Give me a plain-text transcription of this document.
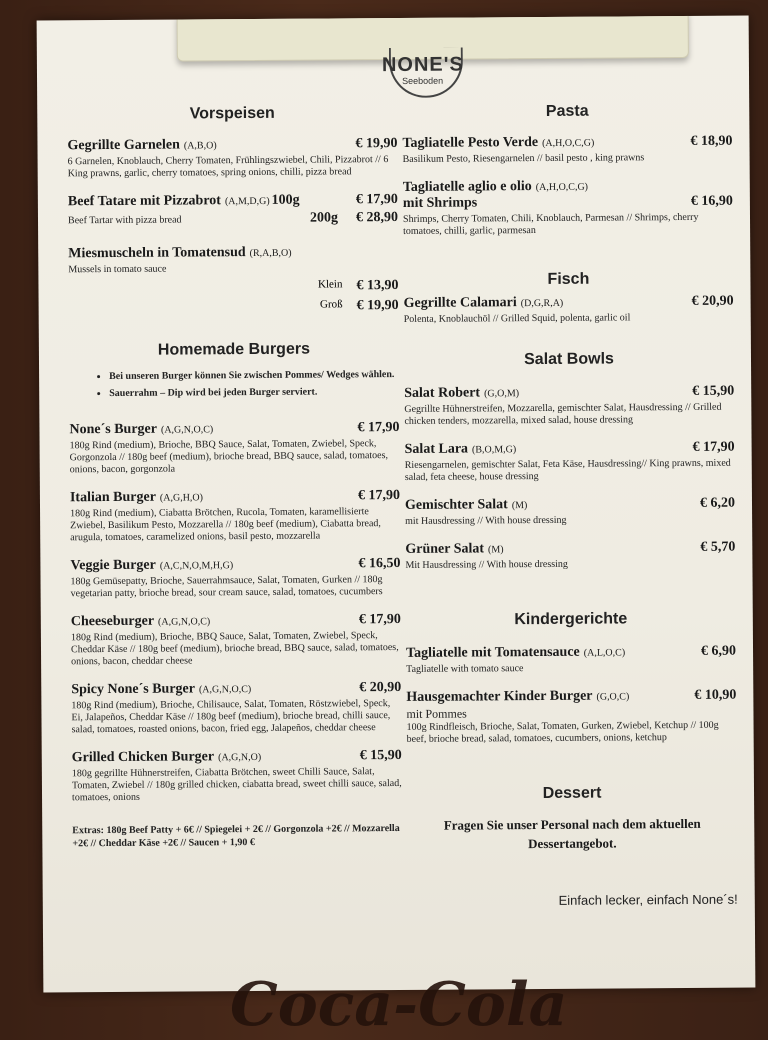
NONE'S
Seeboden
Vorspeisen
Gegrillte Garnelen (A,B,O)	€ 19,90
6 Garnelen, Knoblauch, Cherry Tomaten, Frühlingszwiebel, Chili, Pizzabrot // 6 King prawns, garlic, cherry tomatoes, spring onions, chilli, pizza bread
Beef Tatare mit Pizzabrot (A,M,D,G) 100g	€ 17,90
Beef Tartar with pizza bread	200g € 28,90
Miesmuscheln in Tomatensud (R,A,B,O)
Mussels in tomato sauce
Klein € 13,90
Groß € 19,90
Homemade Burgers
• Bei unseren Burger können Sie zwischen Pommes/ Wedges wählen.
• Sauerrahm – Dip wird bei jeden Burger serviert.
None´s Burger (A,G,N,O,C)	€ 17,90
180g Rind (medium), Brioche, BBQ Sauce, Salat, Tomaten, Zwiebel, Speck, Gorgonzola // 180g beef (medium), brioche bread, BBQ sauce, salad, tomatoes, onions, bacon, gorgonzola
Italian Burger (A,G,H,O)	€ 17,90
180g Rind (medium), Ciabatta Brötchen, Rucola, Tomaten, karamellisierte Zwiebel, Basilikum Pesto, Mozzarella // 180g beef (medium), Ciabatta bread, arugula, tomatoes, caramelized onions, basil pesto, mozzarella
Veggie Burger (A,C,N,O,M,H,G)	€ 16,50
180g Gemüsepatty, Brioche, Sauerrahmsauce, Salat, Tomaten, Gurken // 180g vegetarian patty, brioche bread, sour cream sauce, salad, tomatoes, cucumbers
Cheeseburger (A,G,N,O,C)	€ 17,90
180g Rind (medium), Brioche, BBQ Sauce, Salat, Tomaten, Zwiebel, Speck, Cheddar Käse // 180g beef (medium), brioche bread, BBQ sauce, salad, tomatoes, onions, bacon, cheddar cheese
Spicy None´s Burger (A,G,N,O,C)	€ 20,90
180g Rind (medium), Brioche, Chilisauce, Salat, Tomaten, Röstzwiebel, Speck, Ei, Jalapeños, Cheddar Käse // 180g beef (medium), brioche bread, chilli sauce, salad, tomatoes, roasted onions, bacon, fried egg, Jalapeños, cheddar cheese
Grilled Chicken Burger (A,G,N,O)	€ 15,90
180g gegrillte Hühnerstreifen, Ciabatta Brötchen, sweet Chilli Sauce, Salat, Tomaten, Zwiebel // 180g grilled chicken, ciabatta bread, sweet chilli sauce, salad, tomatoes, onions
Extras: 180g Beef Patty + 6€ // Spiegelei + 2€ // Gorgonzola +2€ // Mozzarella +2€ // Cheddar Käse +2€ // Saucen + 1,90 €
Pasta
Tagliatelle Pesto Verde (A,H,O,C,G)	€ 18,90
Basilikum Pesto, Riesengarnelen // basil pesto , king prawns
Tagliatelle aglio e olio (A,H,O,C,G)
mit Shrimps	€ 16,90
Shrimps, Cherry Tomaten, Chili, Knoblauch, Parmesan // Shrimps, cherry tomatoes, chilli, garlic, parmesan
Fisch
Gegrillte Calamari (D,G,R,A)	€ 20,90
Polenta, Knoblauchöl // Grilled Squid, polenta, garlic oil
Salat Bowls
Salat Robert (G,O,M)	€ 15,90
Gegrillte Hühnerstreifen, Mozzarella, gemischter Salat, Hausdressing // Grilled chicken tenders, mozzarella, mixed salad, house dressing
Salat Lara (B,O,M,G)	€ 17,90
Riesengarnelen, gemischter Salat, Feta Käse, Hausdressing// King prawns, mixed salad, feta cheese, house dressing
Gemischter Salat (M)	€ 6,20
mit Hausdressing // With house dressing
Grüner Salat (M)	€ 5,70
Mit Hausdressing // With house dressing
Kindergerichte
Tagliatelle mit Tomatensauce (A,L,O,C)	€ 6,90
Tagliatelle with tomato sauce
Hausgemachter Kinder Burger (G,O,C)	€ 10,90
mit Pommes
100g Rindfleisch, Brioche, Salat, Tomaten, Gurken, Zwiebel, Ketchup // 100g beef, brioche bread, salad, tomatoes, cucumbers, onions, ketchup
Dessert
Fragen Sie unser Personal nach dem aktuellen Dessertangebot.
Einfach lecker, einfach None´s!
Coca-Cola
